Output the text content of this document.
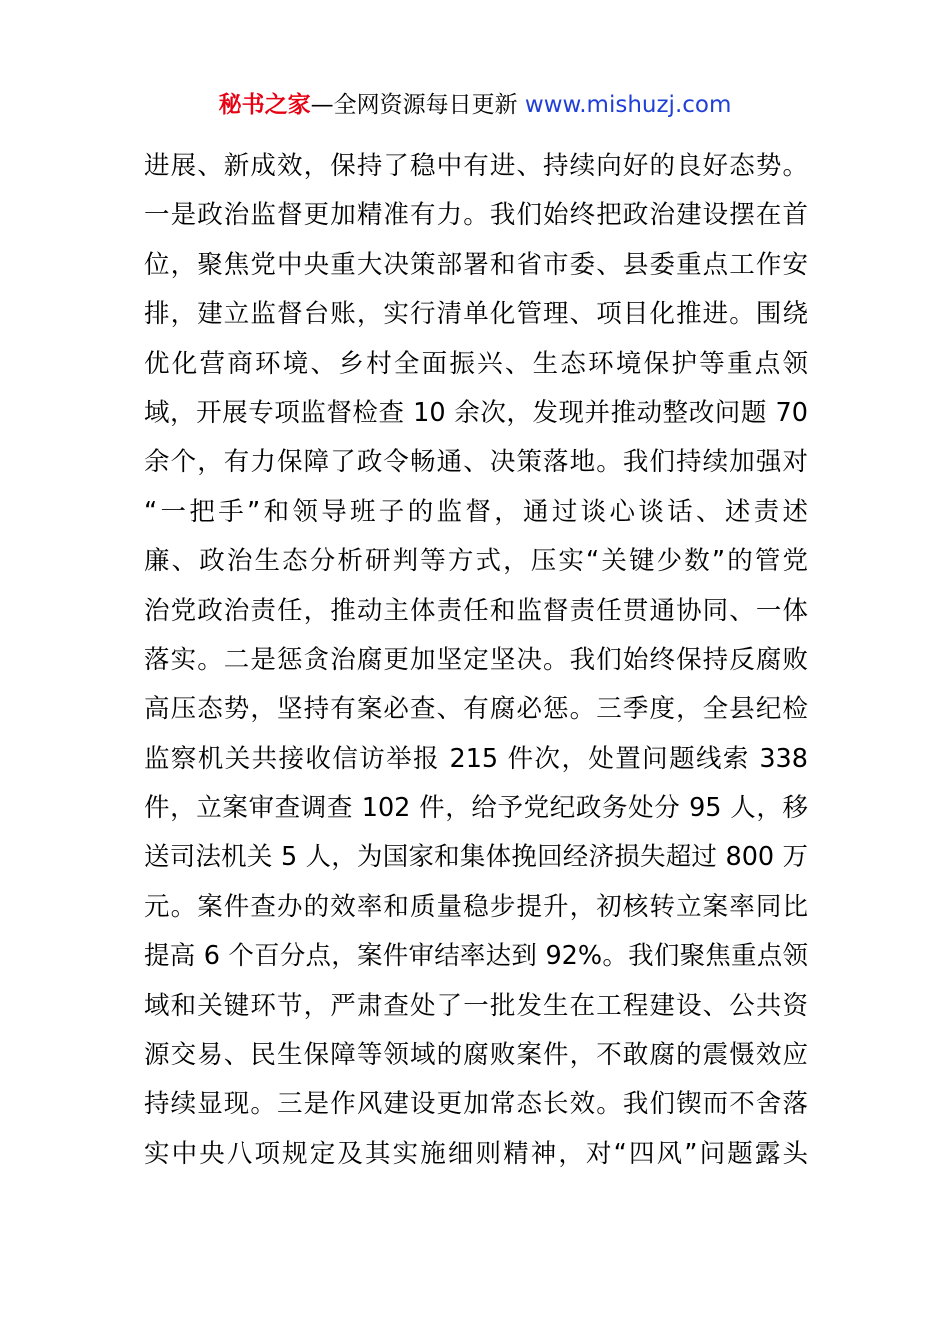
秘书之家—全网资源每日更新 www.mishuzj.com
进展、新成效，保持了稳中有进、持续向好的良好态势。
一是政治监督更加精准有力。我们始终把政治建设摆在首
位，聚焦党中央重大决策部署和省市委、县委重点工作安
排，建立监督台账，实行清单化管理、项目化推进。围绕
优化营商环境、乡村全面振兴、生态环境保护等重点领
域，开展专项监督检查 10 余次，发现并推动整改问题 70
余个，有力保障了政令畅通、决策落地。我们持续加强对
“一把手”和领导班子的监督，通过谈心谈话、述责述
廉、政治生态分析研判等方式，压实“关键少数”的管党
治党政治责任，推动主体责任和监督责任贯通协同、一体
落实。二是惩贪治腐更加坚定坚决。我们始终保持反腐败
高压态势，坚持有案必查、有腐必惩。三季度，全县纪检
监察机关共接收信访举报 215 件次，处置问题线索 338
件，立案审查调查 102 件，给予党纪政务处分 95 人，移
送司法机关 5 人，为国家和集体挽回经济损失超过 800 万
元。案件查办的效率和质量稳步提升，初核转立案率同比
提高 6 个百分点，案件审结率达到 92%。我们聚焦重点领
域和关键环节，严肃查处了一批发生在工程建设、公共资
源交易、民生保障等领域的腐败案件，不敢腐的震慑效应
持续显现。三是作风建设更加常态长效。我们锲而不舍落
实中央八项规定及其实施细则精神，对“四风”问题露头
